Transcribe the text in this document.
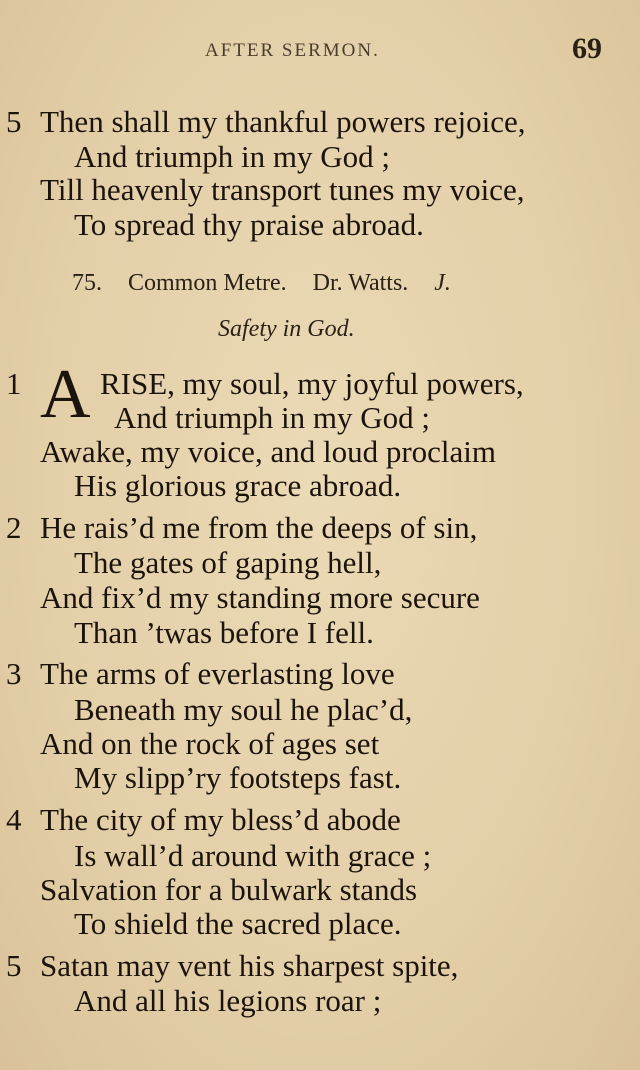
AFTER SERMON.	69
5 Then shall my thankful powers rejoice,
And triumph in my God ;
Till heavenly transport tunes my voice,
To spread thy praise abroad.
75. Common Metre. Dr. Watts. J.
Safety in God.
1 A RISE, my soul, my joyful powers,
And triumph in my God ;
Awake, my voice, and loud proclaim
His glorious grace abroad.
2 He rais’d me from the deeps of sin,
The gates of gaping hell,
And fix’d my standing more secure
Than ’twas before I fell.
3 The arms of everlasting love
Beneath my soul he plac’d,
And on the rock of ages set
My slipp’ry footsteps fast.
4 The city of my bless’d abode
Is wall’d around with grace ;
Salvation for a bulwark stands
To shield the sacred place.
5 Satan may vent his sharpest spite,
And all his legions roar ;
